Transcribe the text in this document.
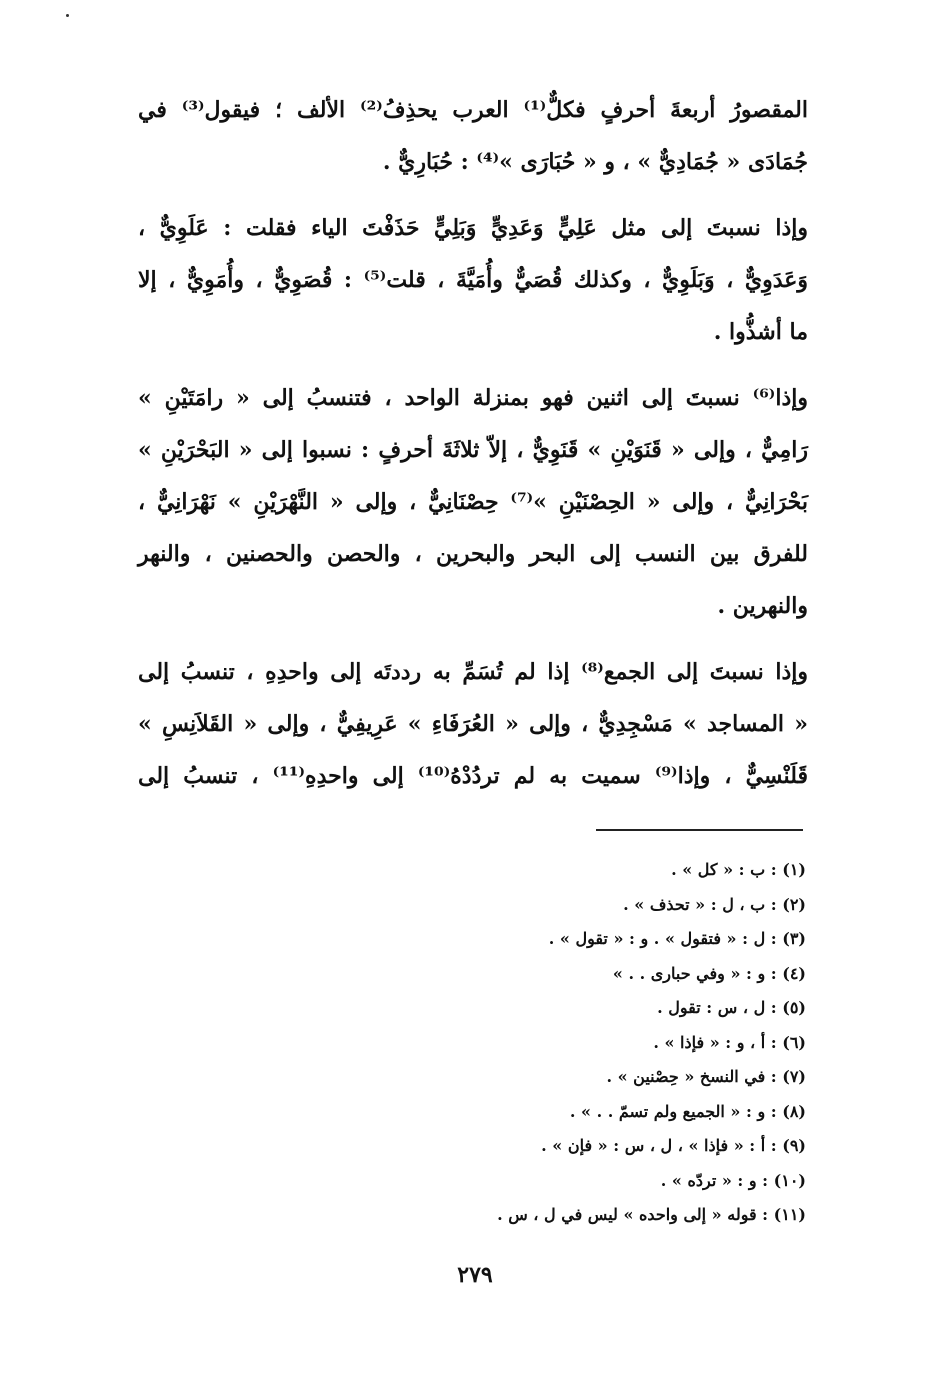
المقصورُ أربعةَ أحرفٍ فكلٌّ⁽¹⁾ العرب يحذِفُ⁽²⁾ الألف ؛ فيقول⁽³⁾ في
جُمَادَى « جُمَادِيٌّ » ، و « حُبَارَى »⁽⁴⁾ : حُبَارِيٌّ .

وإذا نسبتَ إلى مثل عَلِيٍّ وَعَدِيٍّ وَبَلِيٍّ حَذَفْتَ الياء فقلت : عَلَوِيٌّ ،
وَعَدَوِيٌّ ، وَبَلَوِيٌّ ، وكذلك قُصَيٌّ وأُمَيَّةَ ، قلت⁽⁵⁾ : قُصَوِيٌّ ، وأُمَوِيٌّ ، إلا
ما أشذُّوا .

وإذا⁽⁶⁾ نسبتَ إلى اثنين فهو بمنزلة الواحد ، فتنسبُ إلى « رامَتَيْنِ »
رَامِيٌّ ، وإلى « قَنَوَيْنِ » قَنَوِيٌّ ، إلاّ ثلاثَةَ أحرفٍ : نسبوا إلى « البَحْرَيْنِ »
بَحْرَانِيٌّ ، وإلى « الحِصْنَيْنِ »⁽⁷⁾ حِصْنَانِيٌّ ، وإلى « النَّهْرَيْنِ » نَهْرَانِيٌّ ،
للفرق بين النسب إلى البحر والبحرين ، والحصن والحصنين ، والنهر
والنهرين .

وإذا نسبتَ إلى الجمع⁽⁸⁾ إذا لم تُسَمِّ به رددتَه إلى واحدِهِ ، تنسبُ إلى
« المساجد » مَسْجِدِيٌّ ، وإلى « العُرَفَاءِ » عَرِيفِيٌّ ، وإلى « القَلاَنِسِ »
قَلَنْسِيٌّ ، وإذا⁽⁹⁾ سميت به لم تردُدْهُ⁽¹⁰⁾ إلى واحدِهِ⁽¹¹⁾ ، تنسبُ إلى

(١) : ب : « كل » .
(٢) : ب ، ل : « تحذف » .
(٣) : ل : « فتقول » . و : « تقول » .
(٤) : و : « وفي حبارى . . »
(٥) : ل ، س : تقول .
(٦) : أ ، و : « فإذا » .
(٧) : في النسخ « حِصْنين » .
(٨) : و : « الجميع ولم تسمّ . . » .
(٩) : أ : « فإذا » ، ل ، س : « فإن » .
(١٠) : و : « تردّه » .
(١١) : قوله « إلى واحده » ليس في ل ، س .
٢٧٩
